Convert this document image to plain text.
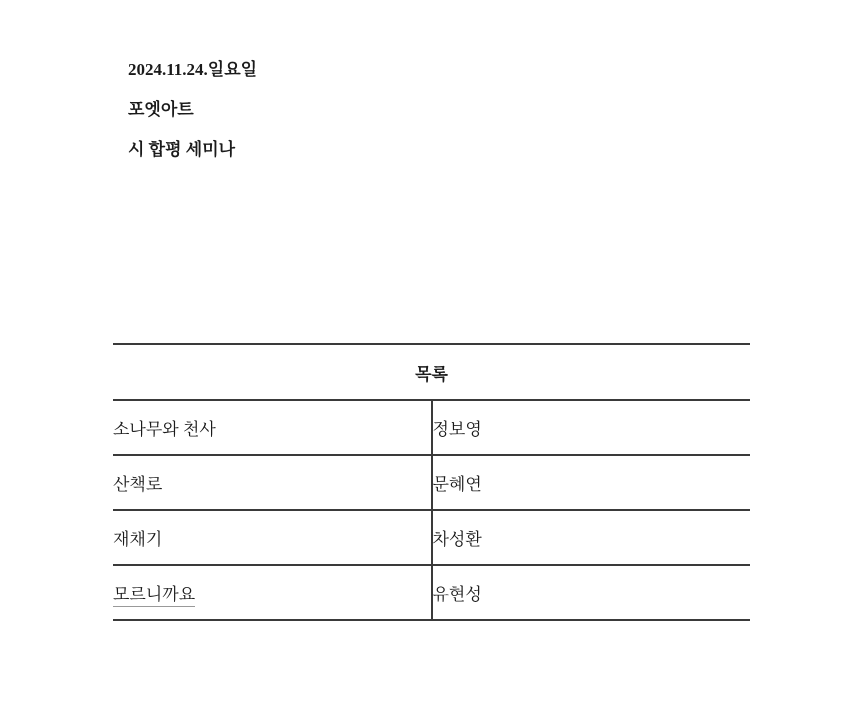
2024.11.24.일요일

포엣아트

시 합평 세미나

목록	
소나무와 천사	정보영
산책로	문혜연
재채기	차성환
모르니까요	유현성
